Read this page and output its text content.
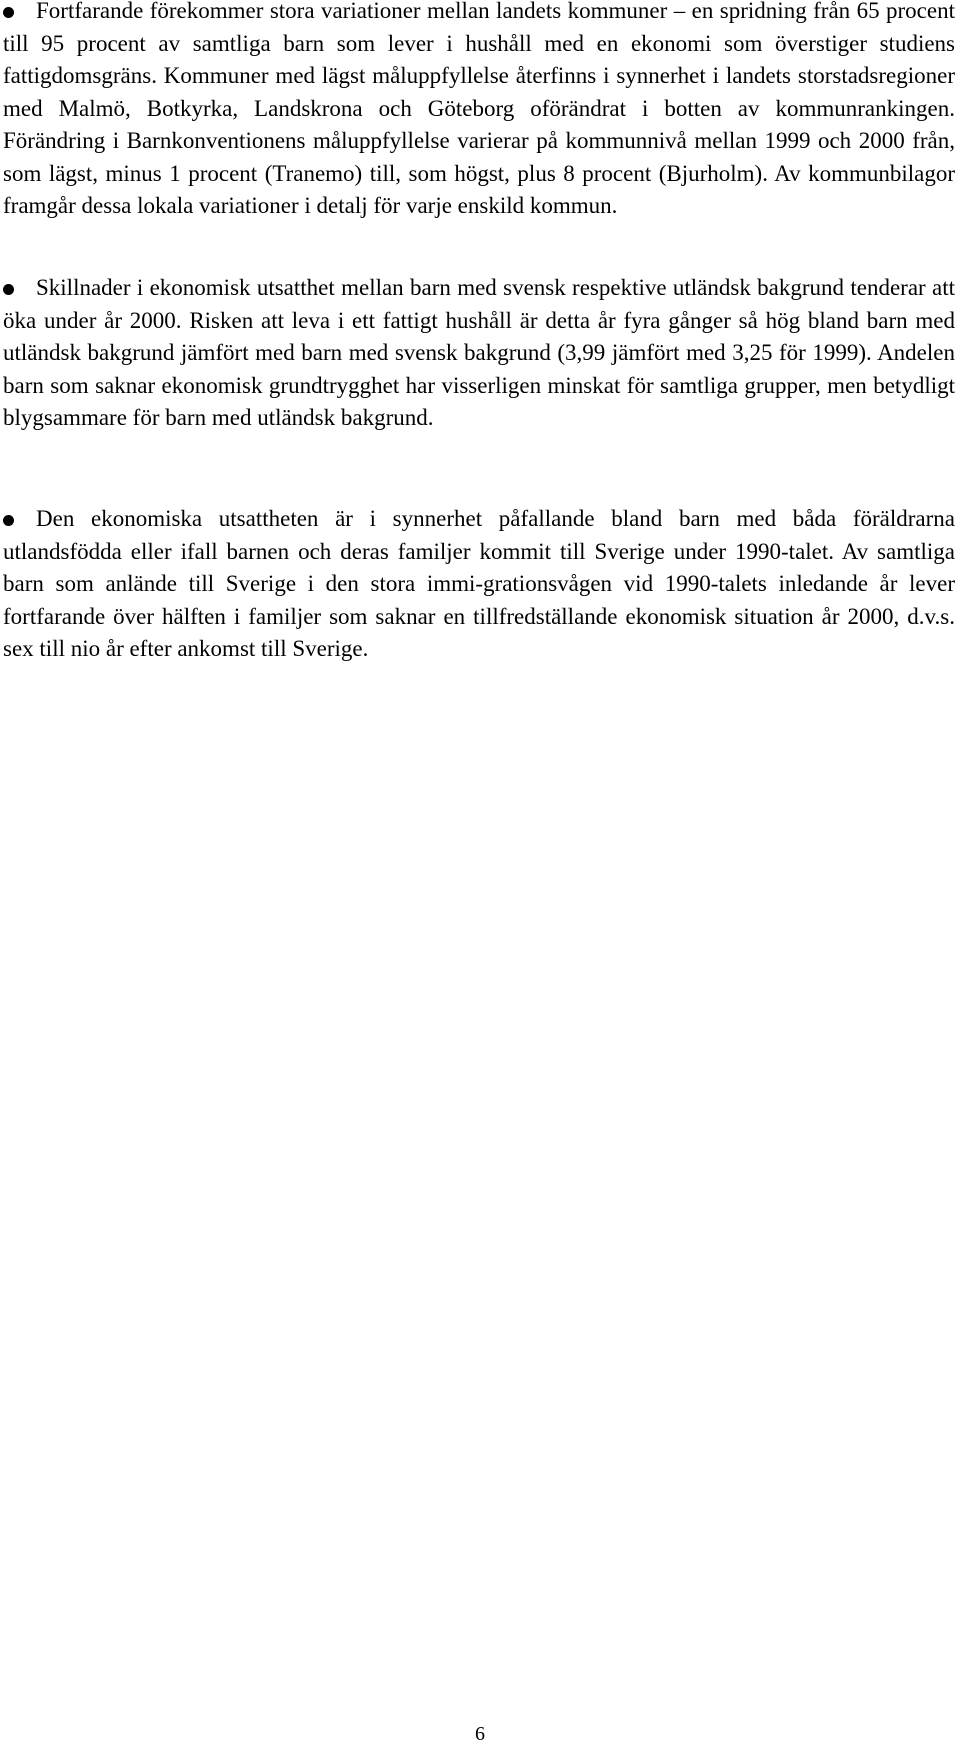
Fortfarande förekommer stora variationer mellan landets kommuner – en spridning från 65 procent till 95 procent av samtliga barn som lever i hushåll med en ekonomi som överstiger studiens fattigdomsgräns. Kommuner med lägst måluppfyllelse återfinns i synnerhet i landets storstadsregioner med Malmö, Botkyrka, Landskrona och Göteborg oförändrat i botten av kommunrankingen. Förändring i Barnkonventionens måluppfyllelse varierar på kommunnivå mellan 1999 och 2000 från, som lägst, minus 1 procent (Tranemo) till, som högst, plus 8 procent (Bjurholm). Av kommunbilagor framgår dessa lokala variationer i detalj för varje enskild kommun.

Skillnader i ekonomisk utsatthet mellan barn med svensk respektive utländsk bakgrund tenderar att öka under år 2000. Risken att leva i ett fattigt hushåll är detta år fyra gånger så hög bland barn med utländsk bakgrund jämfört med barn med svensk bakgrund (3,99 jämfört med 3,25 för 1999). Andelen barn som saknar ekonomisk grundtrygghet har visserligen minskat för samtliga grupper, men betydligt blygsammare för barn med utländsk bakgrund.

Den ekonomiska utsattheten är i synnerhet påfallande bland barn med båda föräldrarna utlandsfödda eller ifall barnen och deras familjer kommit till Sverige under 1990-talet. Av samtliga barn som anlände till Sverige i den stora immi-grationsvågen vid 1990-talets inledande år lever fortfarande över hälften i familjer som saknar en tillfredställande ekonomisk situation år 2000, d.v.s. sex till nio år efter ankomst till Sverige.

6
